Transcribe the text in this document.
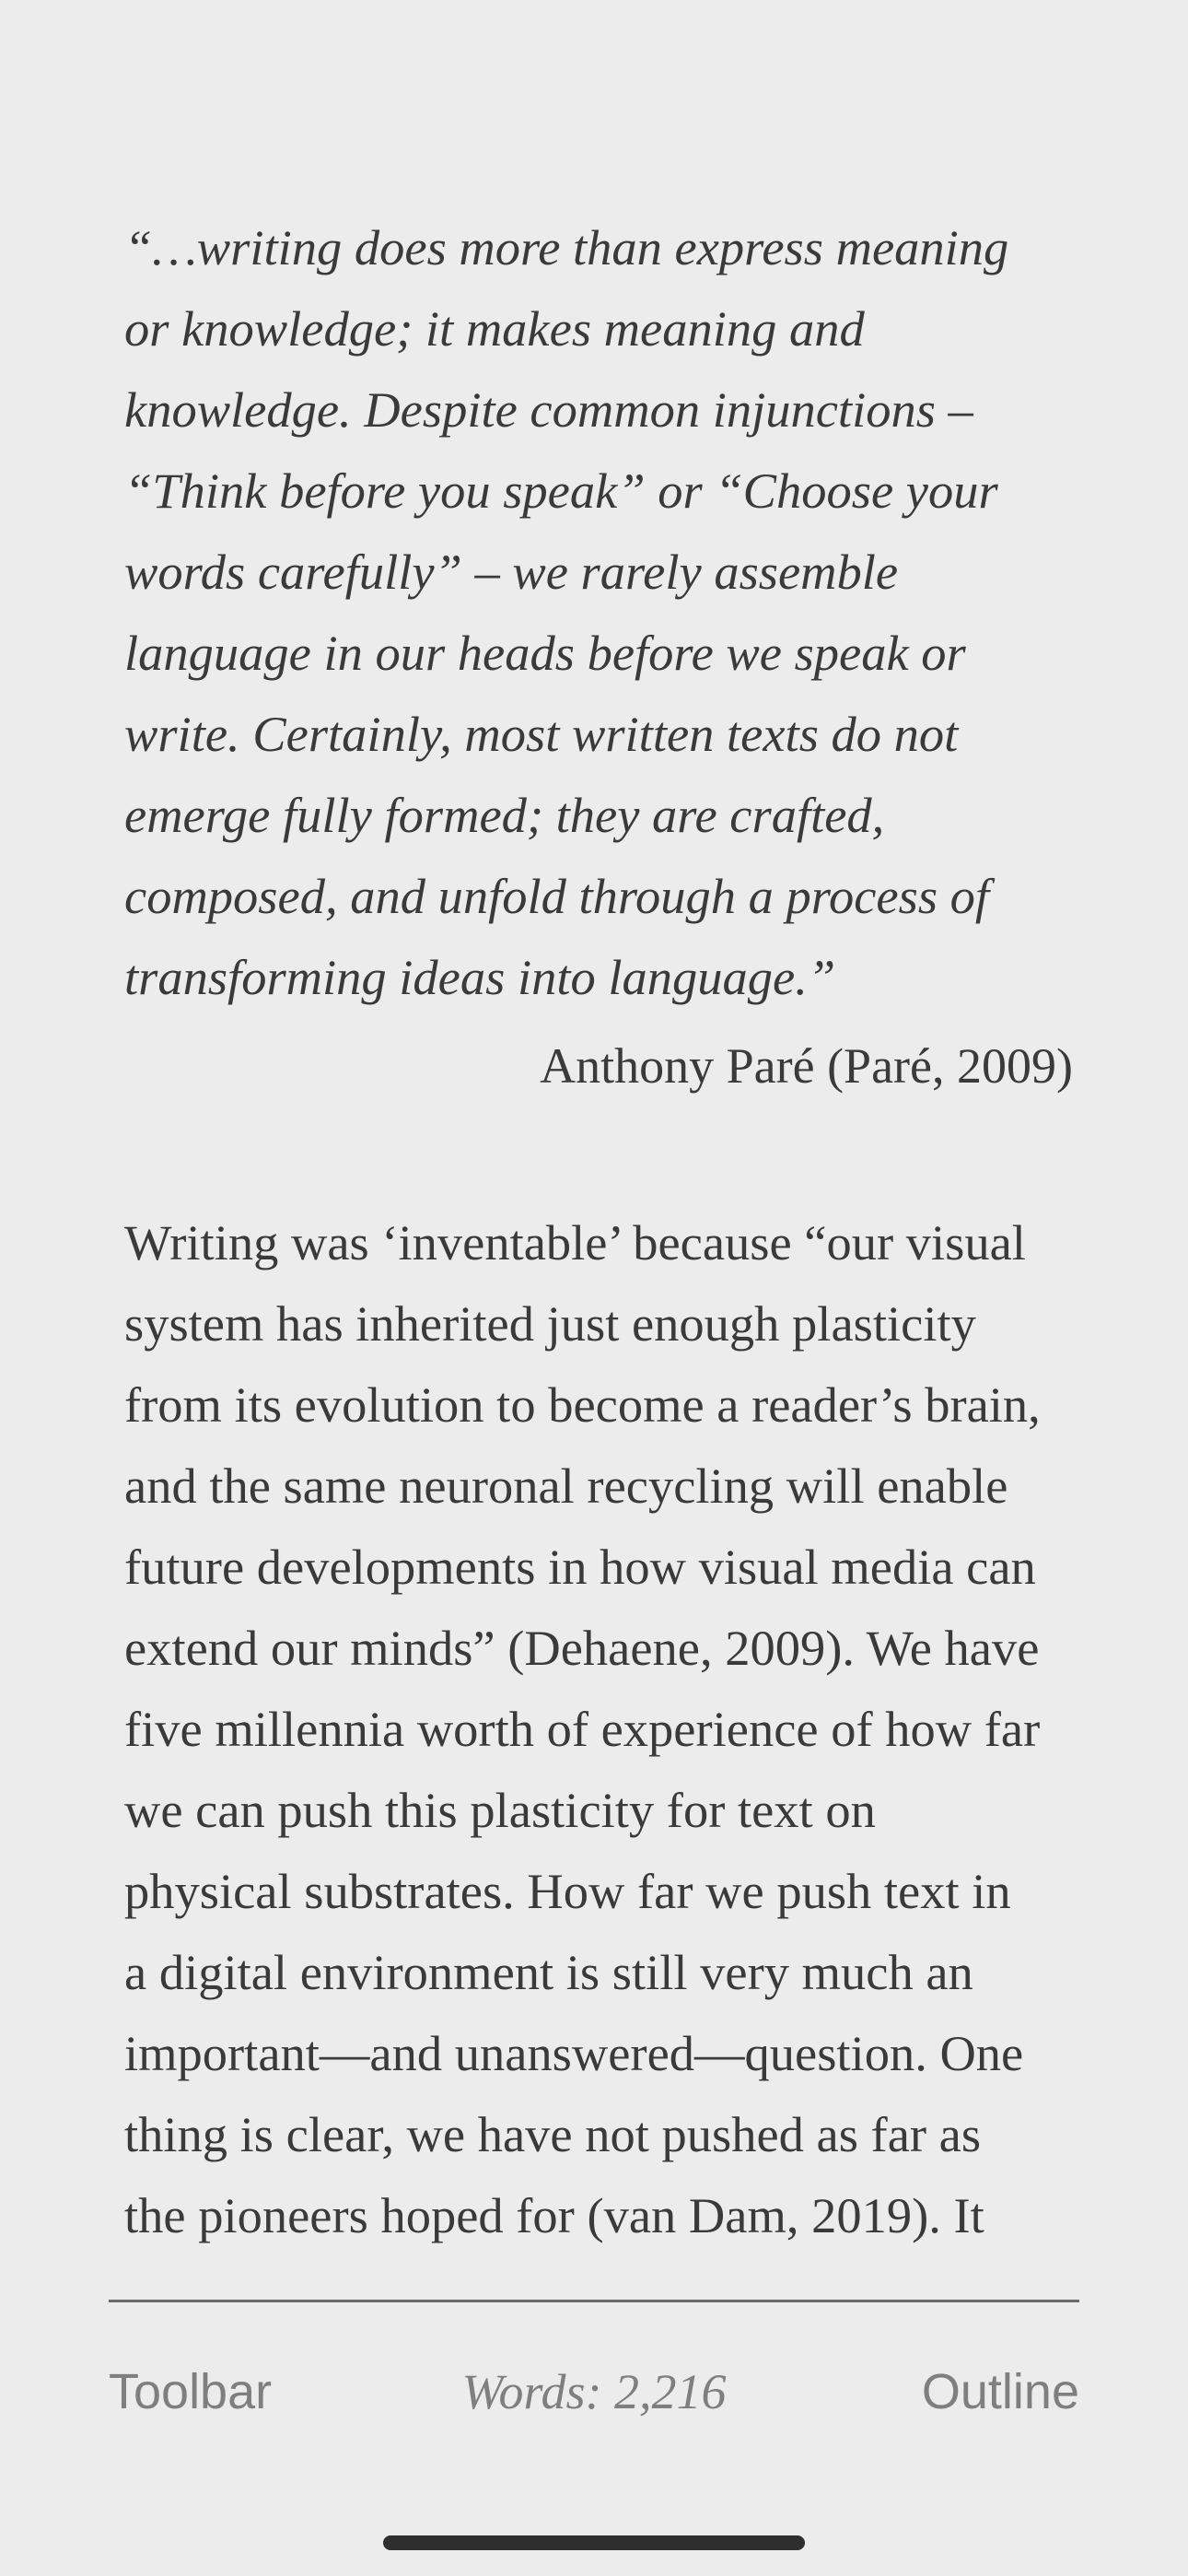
“…writing does more than express meaning
or knowledge; it makes meaning and
knowledge. Despite common injunctions –
“Think before you speak” or “Choose your
words carefully” – we rarely assemble
language in our heads before we speak or
write. Certainly, most written texts do not
emerge fully formed; they are crafted,
composed, and unfold through a process of
transforming ideas into language.”
Anthony Paré (Paré, 2009)
Writing was ‘inventable’ because “our visual
system has inherited just enough plasticity
from its evolution to become a reader’s brain,
and the same neuronal recycling will enable
future developments in how visual media can
extend our minds” (Dehaene, 2009). We have
five millennia worth of experience of how far
we can push this plasticity for text on
physical substrates. How far we push text in
a digital environment is still very much an
important—and unanswered—question. One
thing is clear, we have not pushed as far as
the pioneers hoped for (van Dam, 2019). It
Toolbar	Words: 2,216	Outline
